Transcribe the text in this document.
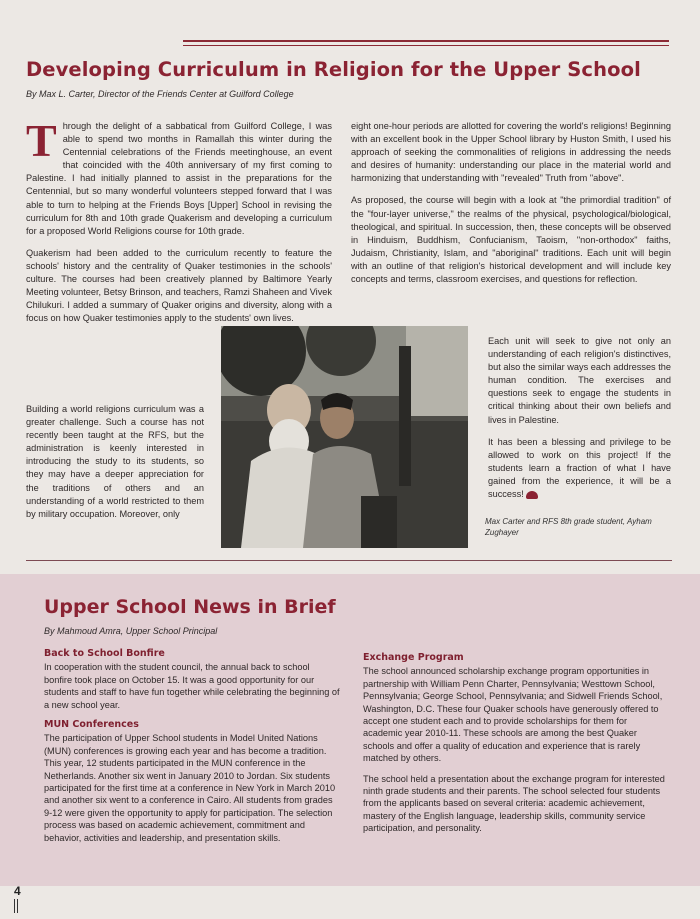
Developing Curriculum in Religion for the Upper School
By Max L. Carter, Director of the Friends Center at Guilford College

Through the delight of a sabbatical from Guilford College, I was able to spend two months in Ramallah this winter during the Centennial celebrations of the Friends meetinghouse, an event that coincided with the 40th anniversary of my first coming to Palestine. I had initially planned to assist in the preparations for the Centennial, but so many wonderful volunteers stepped forward that I was able to turn to helping at the Friends Boys [Upper] School in revising the curriculum for 8th and 10th grade Quakerism and developing a curriculum for a proposed World Religions course for 10th grade.

Quakerism had been added to the curriculum recently to feature the schools' history and the centrality of Quaker testimonies in the schools' culture. The courses had been creatively planned by Baltimore Yearly Meeting volunteer, Betsy Brinson, and teachers, Ramzi Shaheen and Vivek Chilukuri. I added a summary of Quaker origins and diversity, along with a focus on how Quaker testimonies apply to the students' own lives.

Building a world religions curriculum was a greater challenge. Such a course has not recently been taught at the RFS, but the administration is keenly interested in introducing the study to its students, so they may have a deeper appreciation for the traditions of others and an understanding of a world restricted to them by military occupation. Moreover, only

eight one-hour periods are allotted for covering the world's religions! Beginning with an excellent book in the Upper School library by Huston Smith, I used his approach of seeking the commonalities of religions in addressing the needs and desires of humanity: understanding our place in the material world and harmonizing that understanding with "revealed" Truth from "above".

As proposed, the course will begin with a look at "the primordial tradition" of the "four-layer universe," the realms of the physical, psychological/biological, theological, and spiritual. In succession, then, these concepts will be observed in Hinduism, Buddhism, Confucianism, Taoism, "non-orthodox" faiths, Judaism, Christianity, Islam, and "aboriginal" traditions. Each unit will begin with an outline of that religion's historical development and will include key concepts and terms, classroom exercises, and questions for reflection.

Each unit will seek to give not only an understanding of each religion's distinctives, but also the similar ways each addresses the human condition. The exercises and questions seek to engage the students in critical thinking about their own beliefs and lives in Palestine.

It has been a blessing and privilege to be allowed to work on this project! If the students learn a fraction of what I have gained from the experience, it will be a success!

Max Carter and RFS 8th grade student, Ayham Zughayer
Upper School News in Brief
By Mahmoud Amra, Upper School Principal
Back to School Bonfire

In cooperation with the student council, the annual back to school bonfire took place on October 15. It was a good opportunity for our students and staff to have fun together while celebrating the beginning of a new school year.

MUN Conferences

The participation of Upper School students in Model United Nations (MUN) conferences is growing each year and has become a tradition. This year, 12 students participated in the MUN conference in the Netherlands. Another six went in January 2010 to Jordan. Six students participated for the first time at a conference in New York in March 2010 and another six went to a conference in Cairo. All students from grades 9-12 were given the opportunity to apply for participation. The selection process was based on academic achievement, commitment and behavior, activities and leadership, and presentation skills.

Exchange Program

The school announced scholarship exchange program opportunities in partnership with William Penn Charter, Pennsylvania; Westtown School, Pennsylvania; George School, Pennsylvania; and Sidwell Friends School, Washington, D.C. These four Quaker schools have generously offered to accept one student each and to provide scholarships for them for academic year 2010-11. These schools are among the best Quaker schools and offer a quality of education and experience that is rarely matched by others.

The school held a presentation about the exchange program for interested ninth grade students and their parents. The school selected four students from the applicants based on several criteria: academic achievement, mastery of the English language, leadership skills, community service participation, and personality.

4
